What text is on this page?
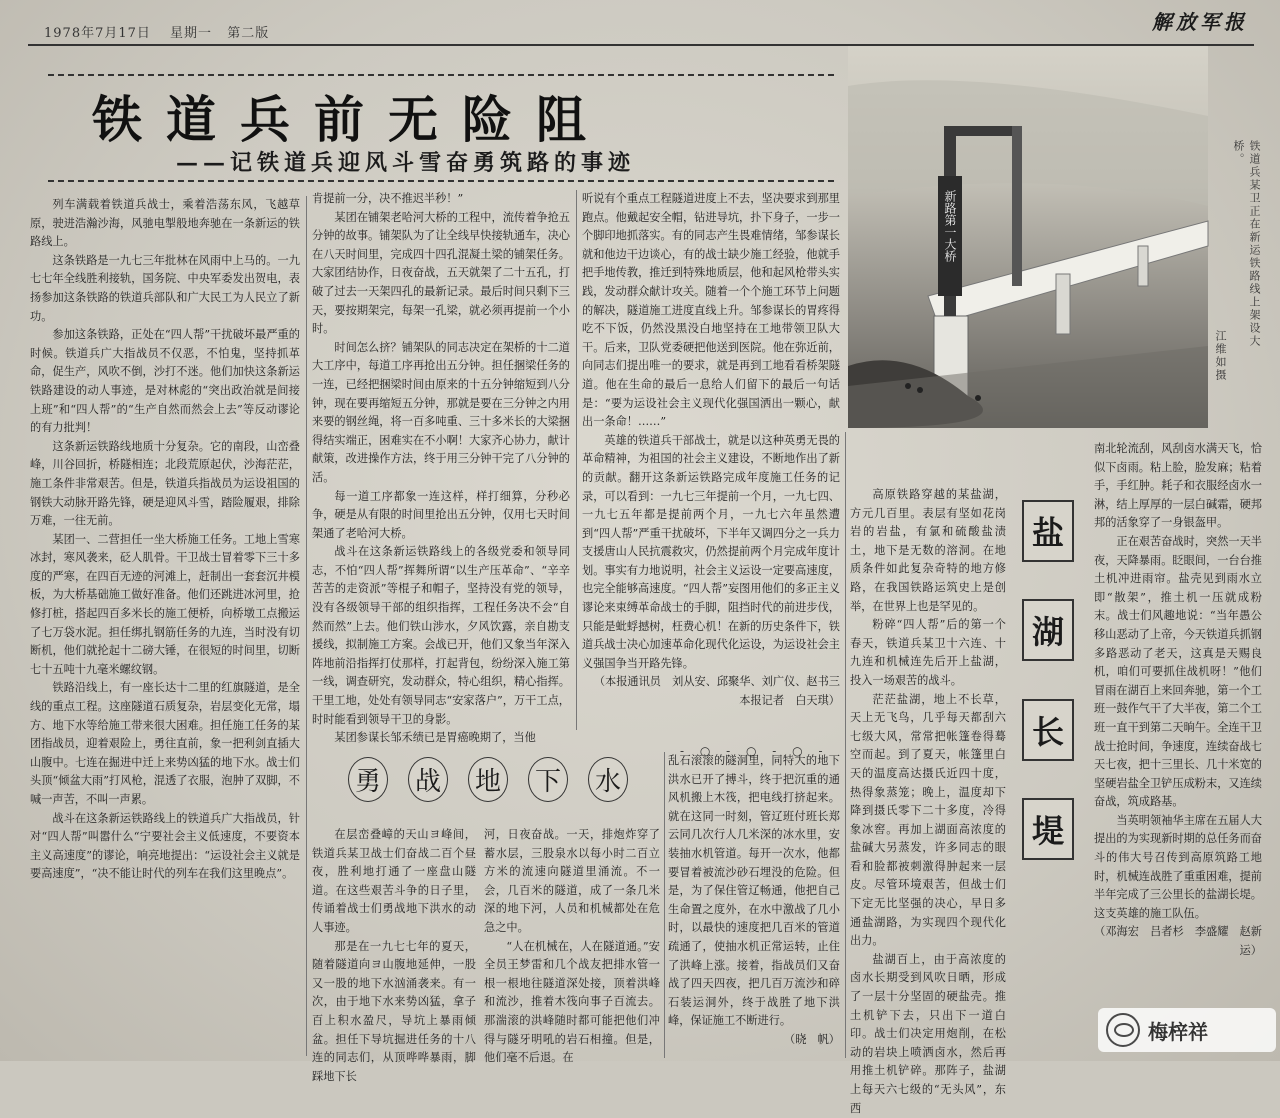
1978年7月17日 星期一 第二版	解放军报
铁道兵前无险阻
——记铁道兵迎风斗雪奋勇筑路的事迹

列车满载着铁道兵战士，乘着浩荡东风，飞越草原，驶进浩瀚沙海，风驰电掣般地奔驰在一条新运的铁路线上。

这条铁路是一九七三年批林在风雨中上马的。一九七七年全线胜利接轨，国务院、中央军委发出贺电，表扬参加这条铁路的铁道兵部队和广大民工为人民立了新功。

参加这条铁路，正处在“四人帮”干扰破坏最严重的时候。铁道兵广大指战员不仅恶，不怕鬼，坚持抓革命，促生产，风吹不倒，沙打不迷。他们加快这条新运铁路建设的动人事迹，是对林彪的“突出政治就是间接上班”和“四人帮”的“生产自然而然会上去”等反动谬论的有力批判！

这条新运铁路线地质十分复杂。它的南段，山峦叠峰，川谷回折，桥隧相连；北段荒原起伏，沙海茫茫，施工条件非常艰苦。但是，铁道兵指战员为运设祖国的钢铁大动脉开路先锋，硬是迎风斗雪，踏险履艰，排除万难，一往无前。

某团一、二营担任一坐大桥施工任务。工地上雪寒冰封，寒风袭来，砭人肌骨。干卫战士冒着零下三十多度的严寒，在四百无迹的河滩上，赶制出一套套沉井模板，为大桥基础施工做好准备。他们还跳进冰河里，抢修打桩，搭起四百多米长的施工便桥，向桥墩工点搬运了七万袋水泥。担任绑扎钢筋任务的九连，当时没有切断机，他们就抡起十二磅大锤，在很短的时间里，切断七十五吨十九毫米螺纹钢。

铁路沿线上，有一座长达十二里的红旗隧道，是全线的重点工程。这座隧道石质复杂，岩层变化无常，塌方、地下水等给施工带来很大困难。担任施工任务的某团指战员，迎着艰险上，勇往直前，象一把利剑直插大山腹中。七连在掘进中迁上来势凶猛的地下水。战士们头顶“倾盆大雨”打风枪，混透了衣服，泡肿了双脚，不喊一声苦，不叫一声累。

战斗在这条新运铁路线上的铁道兵广大指战员，针对“四人帮”叫嚣什么“宁要社会主义低速度，不要资本主义高速度”的谬论，响亮地提出：“运设社会主义就是要高速度”，“决不能让时代的列车在我们这里晚点”。

肯提前一分，决不推迟半秒！”

某团在铺架老哈河大桥的工程中，流传着争抢五分钟的故事。铺架队为了让全线早快接轨通车，决心在八天时间里，完成四十四孔混凝土梁的铺架任务。大家团结协作，日夜奋战，五天就架了二十五孔，打破了过去一天架四孔的最新记录。最后时间只剩下三天，要按期架完，每架一孔梁，就必须再提前一个小时。

时间怎么挤？铺架队的同志决定在架桥的十二道大工序中，每道工序再抢出五分钟。担任捆梁任务的一连，已经把捆梁时间由原来的十五分钟缩短到八分钟，现在要再缩短五分钟，那就是要在三分钟之内用来要的钢丝绳，将一百多吨重、三十多米长的大梁捆得结实端正，困难实在不小啊！大家齐心协力，献计献策，改进操作方法，终于用三分钟干完了八分钟的活。

每一道工序都象一连这样，样打细算，分秒必争，硬是从有限的时间里抢出五分钟，仅用七天时间架通了老哈河大桥。

战斗在这条新运铁路线上的各级党委和领导同志，不怕“四人帮”挥舞所谓“以生产压革命”、“辛辛苦苦的走资派”等棍子和帽子，坚持没有党的领导，没有各级领导干部的组织指挥，工程任务决不会“自然而然”上去。他们铁山涉水，夕风饮露，亲自勘支援线，拟制施工方案。会战已开，他们又象当年深入阵地前沿指挥打仗那样，打起背包，纷纷深入施工第一线，调查研究，发动群众，特心组织，精心指挥。干里工地，处处有领导同志“安家落户”，万干工点，时时能看到领导干卫的身影。

某团参谋长邹禾绩已是胃癌晚期了，当他

听说有个重点工程隧道进度上不去，坚决要求到那里跑点。他戴起安全帽，钻进导坑，扑下身子，一步一个脚印地抓落实。有的同志产生畏难情绪，邹参谋长就和他边干边谈心，有的战士缺少施工经验，他就手把手地传教，推迁到特殊地质层，他和起风枪带头实践，发动群众献计攻关。随着一个个施工环节上问题的解决，隧道施工进度直线上升。邹参谋长的胃疼得吃不下饭，仍然没黑没白地坚持在工地带领卫队大干。后来，卫队党委硬把他送到医院。他在弥近前，向同志们提出唯一的要求，就是再到工地看看桥架隧道。他在生命的最后一息给人们留下的最后一句话是：“要为运设社会主义现代化强国洒出一颗心，献出一条命！……”

英雄的铁道兵干部战士，就是以这种英勇无畏的革命精神，为祖国的社会主义建设，不断地作出了新的贡献。翻开这条新运铁路完成年度施工任务的记录，可以看到：一九七三年提前一个月，一九七四、一九七五年都是提前两个月，一九七六年虽然遭到“四人帮”严重干扰破坏，下半年又调四分之一兵力支援唐山人民抗震救灾，仍然提前两个月完成年度计划。事实有力地说明，社会主义运设一定要高速度，也完全能够高速度。“四人帮”妄图用他们的多正主义谬论来束缚革命战士的手脚，阻挡时代的前进步伐，只能是蚍蜉撼树，枉费心机！在新的历史条件下，铁道兵战士决心加速革命化现代化运设，为运设社会主义强国争当开路先锋。

（本报通讯员　刘从安、邱聚华、刘广仪、赵书三　本报记者　白天琪）

新路第一大桥	铁道兵某卫正在新运铁路线上架设大桥。
江维如摄
- ○ - ○ - ○ -
勇 战 地 下 水

在层峦叠嶂的天山ヨ峰间，铁道兵某卫战士们奋战二百个昼夜，胜利地打通了一座盘山隧道。在这些艰苦斗争的日子里，传诵着战士们勇战地下洪水的动人事迹。

那是在一九七七年的夏天，随着隧道向ヨ山腹地延伸，一股又一股的地下水汹涌袭来。有一次，由于地下水来势凶猛，拿子百上积水盈尺，导坑上暴雨倾盆。担任下导坑掘进任务的十八连的同志们，从顶哗哗暴雨，脚踩地下长

河，日夜奋战。一天，排炮炸穿了蓄水层，三股泉水以每小时二百立方米的流速向隧道里涌流。不一会，几百米的隧道，成了一条几米深的地下河，人员和机械都处在危急之中。

“人在机械在，人在隧道通。”安全员王梦雷和几个战友把排水管一根一根地往隧道深处接，顶着洪峰和流沙，推着木筏向事子百流去。那湍滚的洪峰随时都可能把他们冲得与隧牙明吼的岩石相撞。但是，他们毫不后退。在

乱石滚滚的隧洞里，同特大的地下洪水已开了搏斗，终于把沉重的通风机搬上木筏，把电线打挤起来。就在这同一时刻，管辽班付班长郑云同几次行人几米深的冰水里，安装抽水机管道。每开一次水，他都要冒着被流沙砂石埋没的危险。但是，为了保住管辽畅通，他把自己生命置之度外，在水中激战了几小时，以最快的速度把几百米的管道疏通了，使抽水机正常运转，止住了洪峰上涨。接着，指战员们又奋战了四天四夜，把几百万流沙和碎石装运洞外，终于战胜了地下洪峰，保证施工不断进行。

（晓　帆）

高原铁路穿越的某盐湖，方元几百里。表层有坚如花岗岩的岩盐，有氯和硫酸盐渍土，地下是无数的溶洞。在地质条件如此复杂奇特的地方修路，在我国铁路运筑史上是创举，在世界上也是罕见的。

粉碎“四人帮”后的第一个春天，铁道兵某卫十六连、十九连和机械连先后开上盐湖，投入一场艰苦的战斗。

茫茫盐湖，地上不长草，天上无飞鸟，几乎每天都刮六七级大风，常常把帐篷卷得蓦空而起。到了夏天，帐篷里白天的温度高达摄氏近四十度，热得象蒸笼；晚上，温度却下降到摄氏零下二十多度，冷得象冰窖。再加上湖面高浓度的盐碱大另蒸发，许多同志的眼看和脸都被刺激得肿起来一层皮。尽管环境艰苦，但战士们下定无比坚强的决心，早日多通盐湖路，为实现四个现代化出力。

盐湖百上，由于高浓度的卤水长期受到风吹日晒，形成了一层十分坚固的硬盐壳。推土机铲下去，只出下一道白印。战士们决定用炮削，在松动的岩块上喷洒卤水，然后再用推土机铲碎。那阵子，盐湖上每天六七级的“无头风”，东西

盐
湖
长
堤

南北轮流刮，风刮卤水满天飞，恰似下卤雨。粘上脸，脸发麻；粘着手，手红肿。耗子和衣服经卤水一淋，结上厚厚的一层白碱霜，硬邦邦的活象穿了一身银盔甲。

正在艰苦奋战时，突然一天半夜，天降暴雨。眨眼间，一台台推土机冲进雨帘。盐壳见到雨水立即“散架”，推土机一压就成粉末。战士们风趣地说：“当年愚公移山恶动了上帝，今天铁道兵抓钢多路恶动了老天，这真是天赐良机，咱们可要抓住战机呀！”他们冒雨在湖百上来回奔驰，第一个工班一鼓作气干了大半夜，第二个工班一直干到第二天晌午。全连干卫战士抢时间，争速度，连续奋战七天七夜，把十三里长、几十米宽的坚硬岩盐全卫铲压成粉末，又连续奋战，筑成路基。

当英明领袖华主席在五届人大提出的为实现新时期的总任务而奋斗的伟大号召传到高原筑路工地时，机械连战胜了重重困难，提前半年完成了三公里长的盐湖长堤。这支英雄的施工队伍。

（邓海宏　吕者杉　李盛耀　赵新运）

梅梓祥
